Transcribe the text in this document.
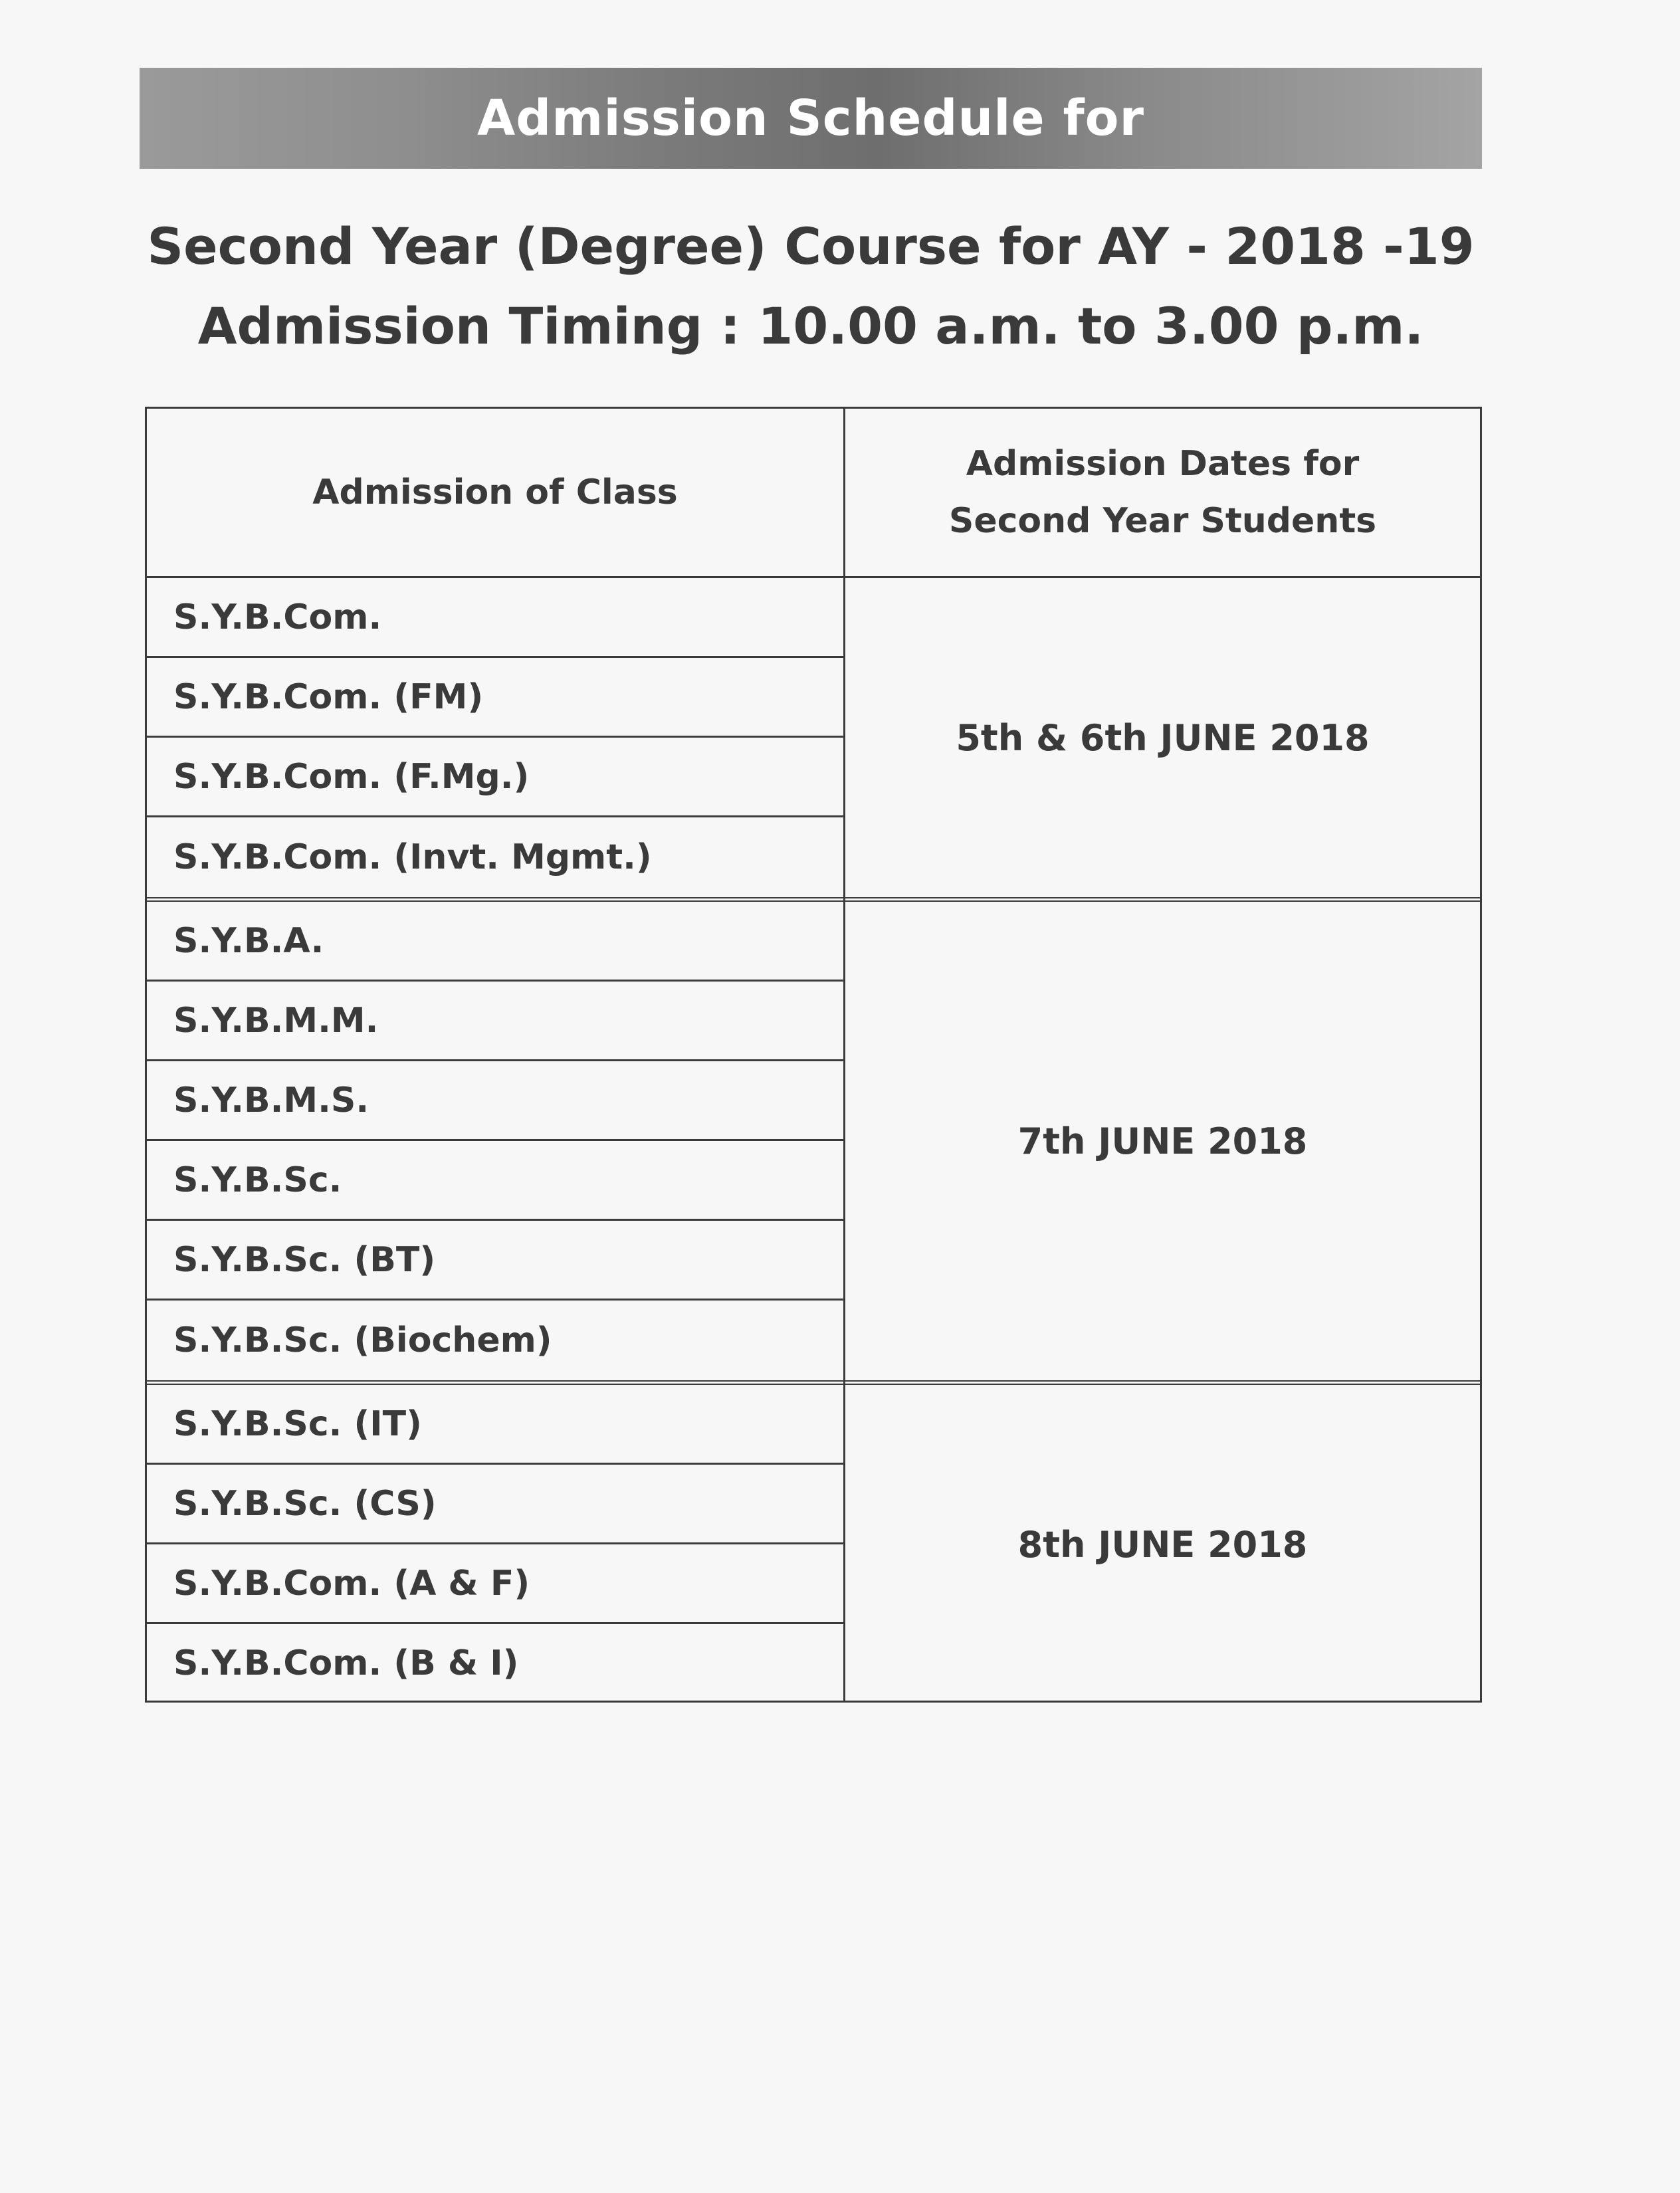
Admission Schedule for
Second Year (Degree) Course for AY - 2018 -19
Admission Timing : 10.00 a.m. to 3.00 p.m.
Admission of Class
Admission Dates for
Second Year Students
S.Y.B.Com.
S.Y.B.Com. (FM)
S.Y.B.Com. (F.Mg.)
S.Y.B.Com. (Invt. Mgmt.)
5th & 6th JUNE 2018
S.Y.B.A.
S.Y.B.M.M.
S.Y.B.M.S.
S.Y.B.Sc.
S.Y.B.Sc. (BT)
S.Y.B.Sc. (Biochem)
7th JUNE 2018
S.Y.B.Sc. (IT)
S.Y.B.Sc. (CS)
S.Y.B.Com. (A & F)
S.Y.B.Com. (B & I)
8th JUNE 2018
